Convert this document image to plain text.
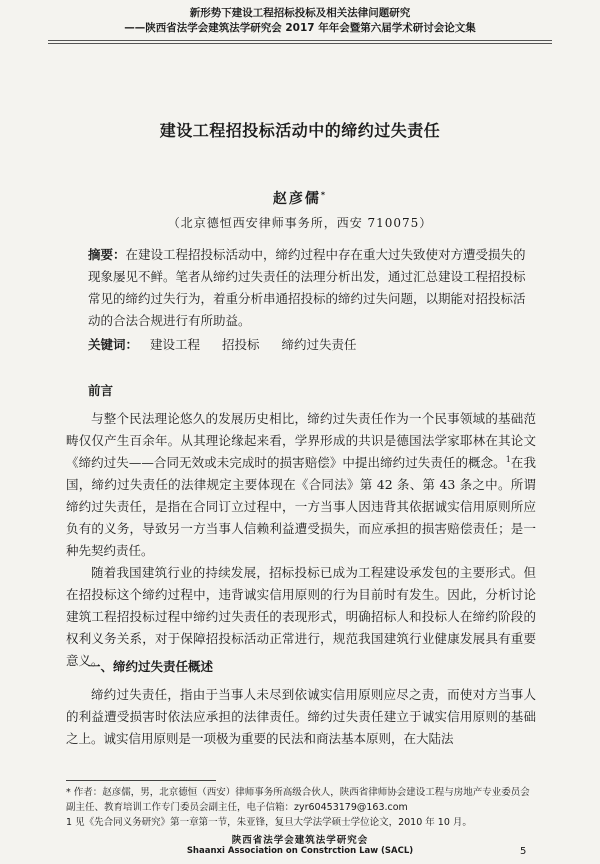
新形势下建设工程招标投标及相关法律问题研究
——陕西省法学会建筑法学研究会 2017 年年会暨第六届学术研讨会论文集
建设工程招投标活动中的缔约过失责任
赵彦儒*
（北京德恒西安律师事务所，西安 710075）
摘要：在建设工程招投标活动中，缔约过程中存在重大过失致使对方遭受损失的现象屡见不鲜。笔者从缔约过失责任的法理分析出发，通过汇总建设工程招投标常见的缔约过失行为，着重分析串通招投标的缔约过失问题，以期能对招投标活动的合法合规进行有所助益。
关键词： 建设工程 招投标 缔约过失责任
前言

与整个民法理论悠久的发展历史相比，缔约过失责任作为一个民事领域的基础范畴仅仅产生百余年。从其理论缘起来看，学界形成的共识是德国法学家耶林在其论文《缔约过失——合同无效或未完成时的损害赔偿》中提出缔约过失责任的概念。$^1$在我国，缔约过失责任的法律规定主要体现在《合同法》第 42 条、第 43 条之中。所谓缔约过失责任，是指在合同订立过程中，一方当事人因违背其依据诚实信用原则所应负有的义务，导致另一方当事人信赖利益遭受损失，而应承担的损害赔偿责任；是一种先契约责任。

随着我国建筑行业的持续发展，招标投标已成为工程建设承发包的主要形式。但在招投标这个缔约过程中，违背诚实信用原则的行为目前时有发生。因此，分析讨论建筑工程招投标过程中缔约过失责任的表现形式，明确招标人和投标人在缔约阶段的权利义务关系，对于保障招投标活动正常进行，规范我国建筑行业健康发展具有重要意义。

一、缔约过失责任概述

缔约过失责任，指由于当事人未尽到依诚实信用原则应尽之责，而使对方当事人的利益遭受损害时依法应承担的法律责任。缔约过失责任建立于诚实信用原则的基础之上。诚实信用原则是一项极为重要的民法和商法基本原则，在大陆法

* 作者：赵彦儒，男，北京德恒（西安）律师事务所高级合伙人，陕西省律师协会建设工程与房地产专业委员会副主任、教育培训工作专门委员会副主任，电子信箱：zyr60453179@163.com

1 见《先合同义务研究》第一章第一节，朱亚锋，复旦大学法学硕士学位论文，2010 年 10 月。

陕西省法学会建筑法学研究会
Shaanxi Association on Constrction Law (SACL)	5
